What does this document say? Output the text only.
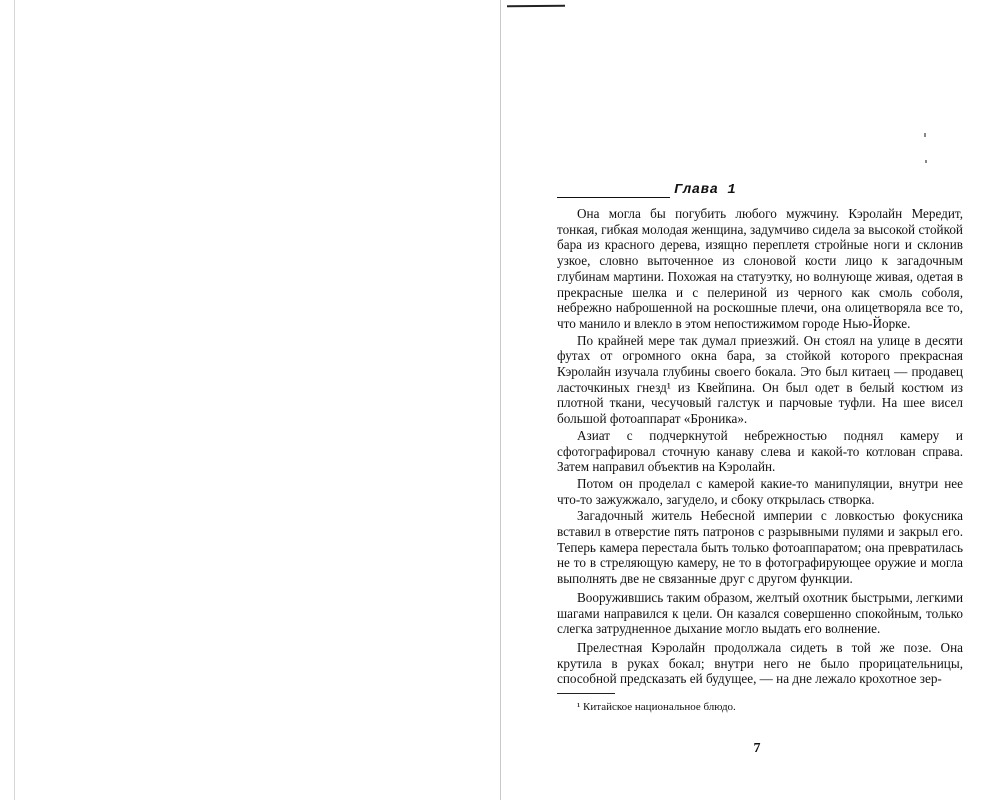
Глава 1

Она могла бы погубить любого мужчину. Кэролайн Мередит, тонкая, гибкая молодая женщина, задумчиво сидела за высокой стойкой бара из красного дерева, изящно переплетя стройные ноги и склонив узкое, словно выточенное из слоновой кости лицо к загадочным глубинам мартини. Похожая на статуэтку, но волнующе живая, одетая в прекрасные шелка и с пелериной из черного как смоль соболя, небрежно наброшенной на роскошные плечи, она олицетворяла все то, что манило и влекло в этом непостижимом городе Нью-Йорке.

По крайней мере так думал приезжий. Он стоял на улице в десяти футах от огромного окна бара, за стойкой которого прекрасная Кэролайн изучала глубины своего бокала. Это был китаец — продавец ласточкиных гнезд¹ из Квейпина. Он был одет в белый костюм из плотной ткани, чесучовый галстук и парчовые туфли. На шее висел большой фотоаппарат «Броника».

Азиат с подчеркнутой небрежностью поднял камеру и сфотографировал сточную канаву слева и какой-то котлован справа. Затем направил объектив на Кэролайн.

Потом он проделал с камерой какие-то манипуляции, внутри нее что-то зажужжало, загудело, и сбоку открылась створка.

Загадочный житель Небесной империи с ловкостью фокусника вставил в отверстие пять патронов с разрывными пулями и закрыл его. Теперь камера перестала быть только фотоаппаратом; она превратилась не то в стреляющую камеру, не то в фотографирующее оружие и могла выполнять две не связанные друг с другом функции.

Вооружившись таким образом, желтый охотник быстрыми, легкими шагами направился к цели. Он казался совершенно спокойным, только слегка затрудненное дыхание могло выдать его волнение.

Прелестная Кэролайн продолжала сидеть в той же позе. Она крутила в руках бокал; внутри него не было прорицательницы, способной предсказать ей будущее, — на дне лежало крохотное зер-

¹ Китайское национальное блюдо.

7
